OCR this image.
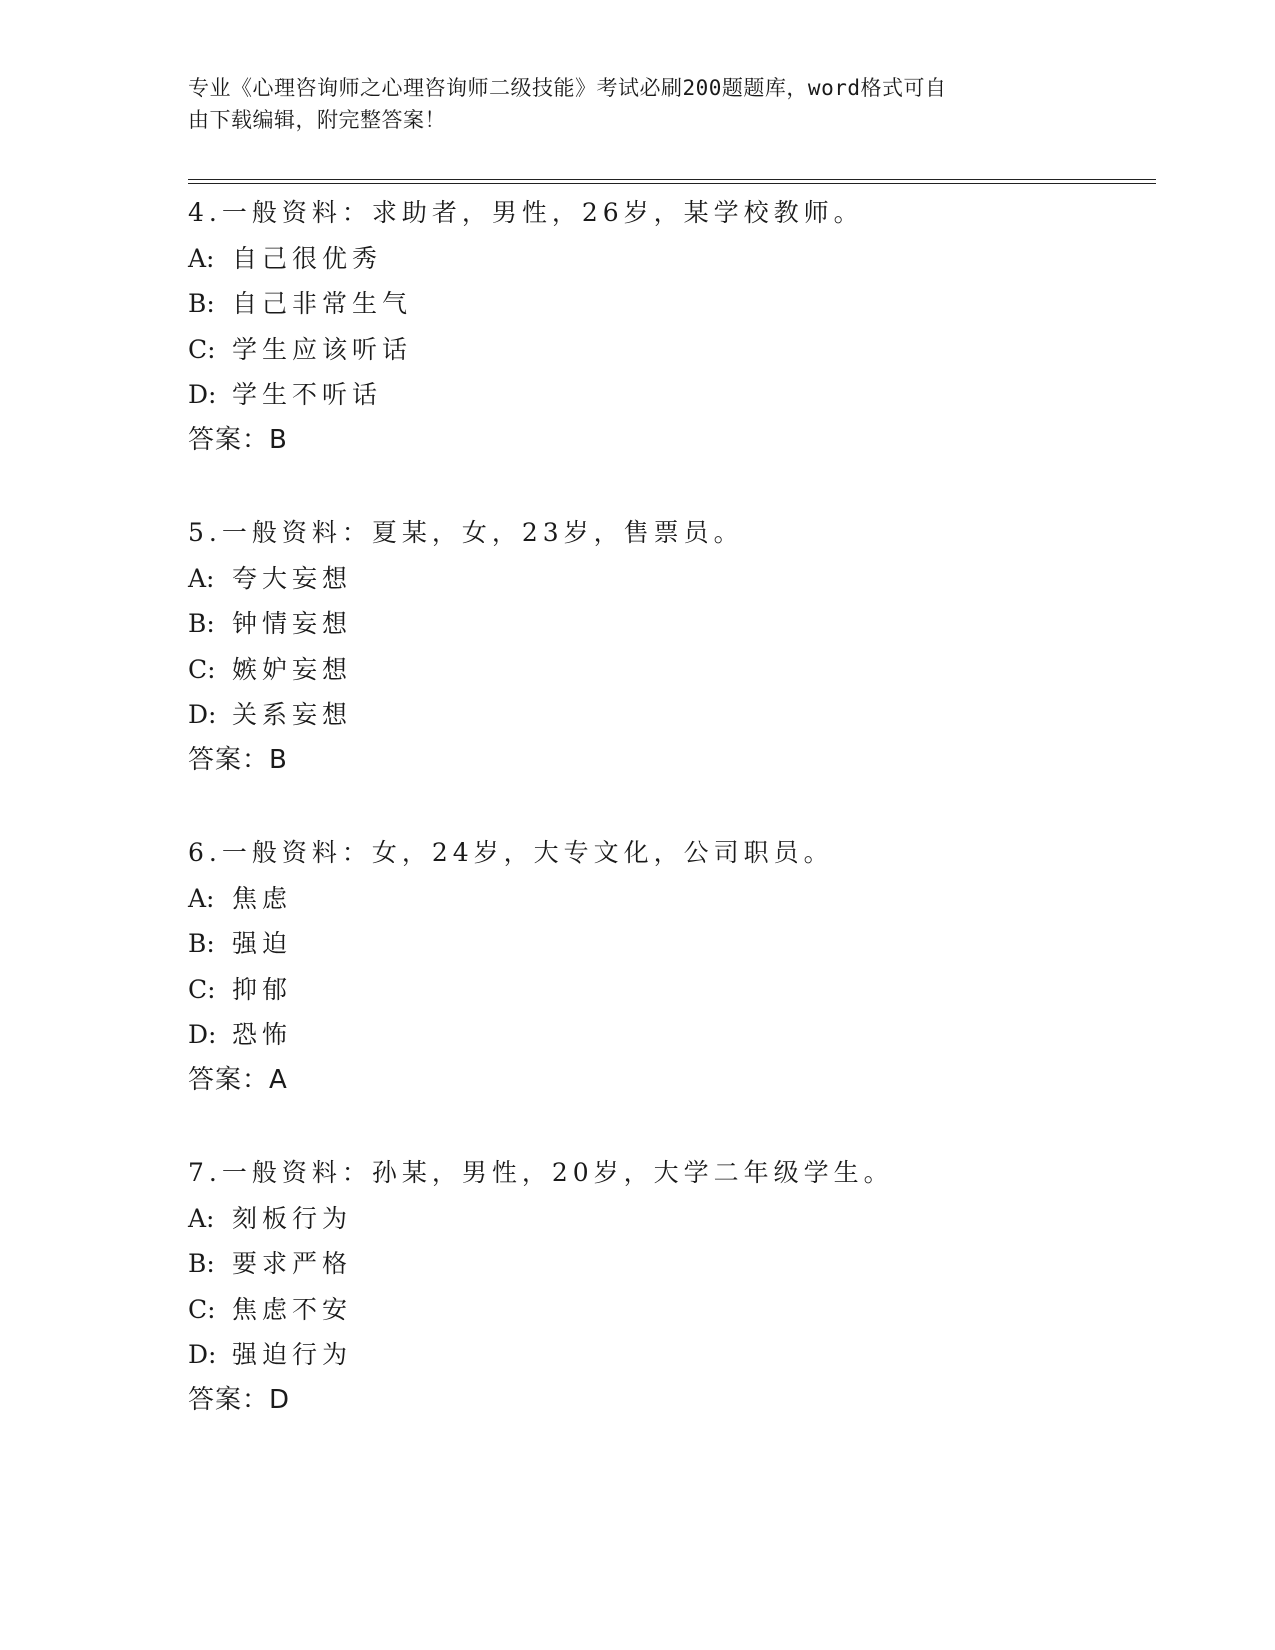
专业《心理咨询师之心理咨询师二级技能》考试必刷200题题库，word格式可自
由下载编辑，附完整答案！
4.一般资料：求助者，男性，26岁，某学校教师。
A: 自己很优秀
B: 自己非常生气
C: 学生应该听话
D: 学生不听话
答案：B
5.一般资料：夏某，女，23岁，售票员。
A: 夸大妄想
B: 钟情妄想
C: 嫉妒妄想
D: 关系妄想
答案：B
6.一般资料：女，24岁，大专文化，公司职员。
A: 焦虑
B: 强迫
C: 抑郁
D: 恐怖
答案：A
7.一般资料：孙某，男性，20岁，大学二年级学生。
A: 刻板行为
B: 要求严格
C: 焦虑不安
D: 强迫行为
答案：D
